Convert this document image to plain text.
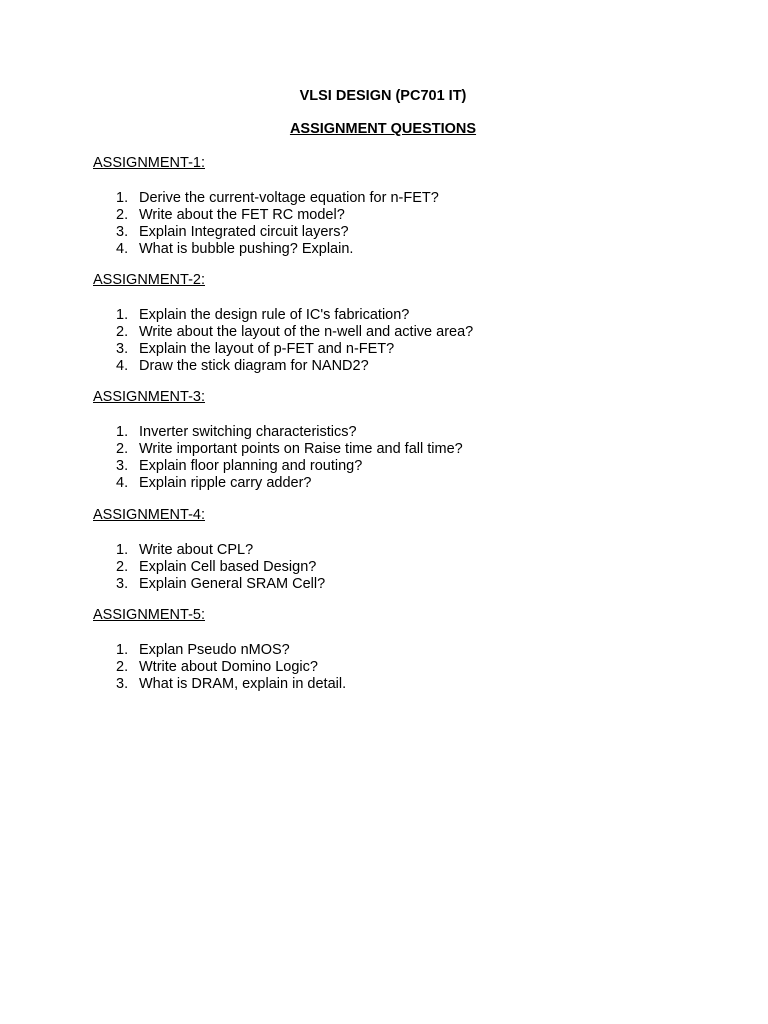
VLSI DESIGN (PC701 IT)
ASSIGNMENT QUESTIONS
ASSIGNMENT-1:
1. Derive the current-voltage equation for n-FET?
2. Write about the FET RC model?
3. Explain Integrated circuit layers?
4. What is bubble pushing? Explain.
ASSIGNMENT-2:
1. Explain the design rule of IC's fabrication?
2. Write about the layout of the n-well and active area?
3. Explain the layout of p-FET and n-FET?
4. Draw the stick diagram for NAND2?
ASSIGNMENT-3:
1. Inverter switching characteristics?
2. Write important points on Raise time and fall time?
3. Explain floor planning and routing?
4. Explain ripple carry adder?
ASSIGNMENT-4:
1. Write about CPL?
2. Explain Cell based Design?
3. Explain General SRAM Cell?
ASSIGNMENT-5:
1. Explan Pseudo nMOS?
2. Wtrite about Domino Logic?
3. What is DRAM, explain in detail.
